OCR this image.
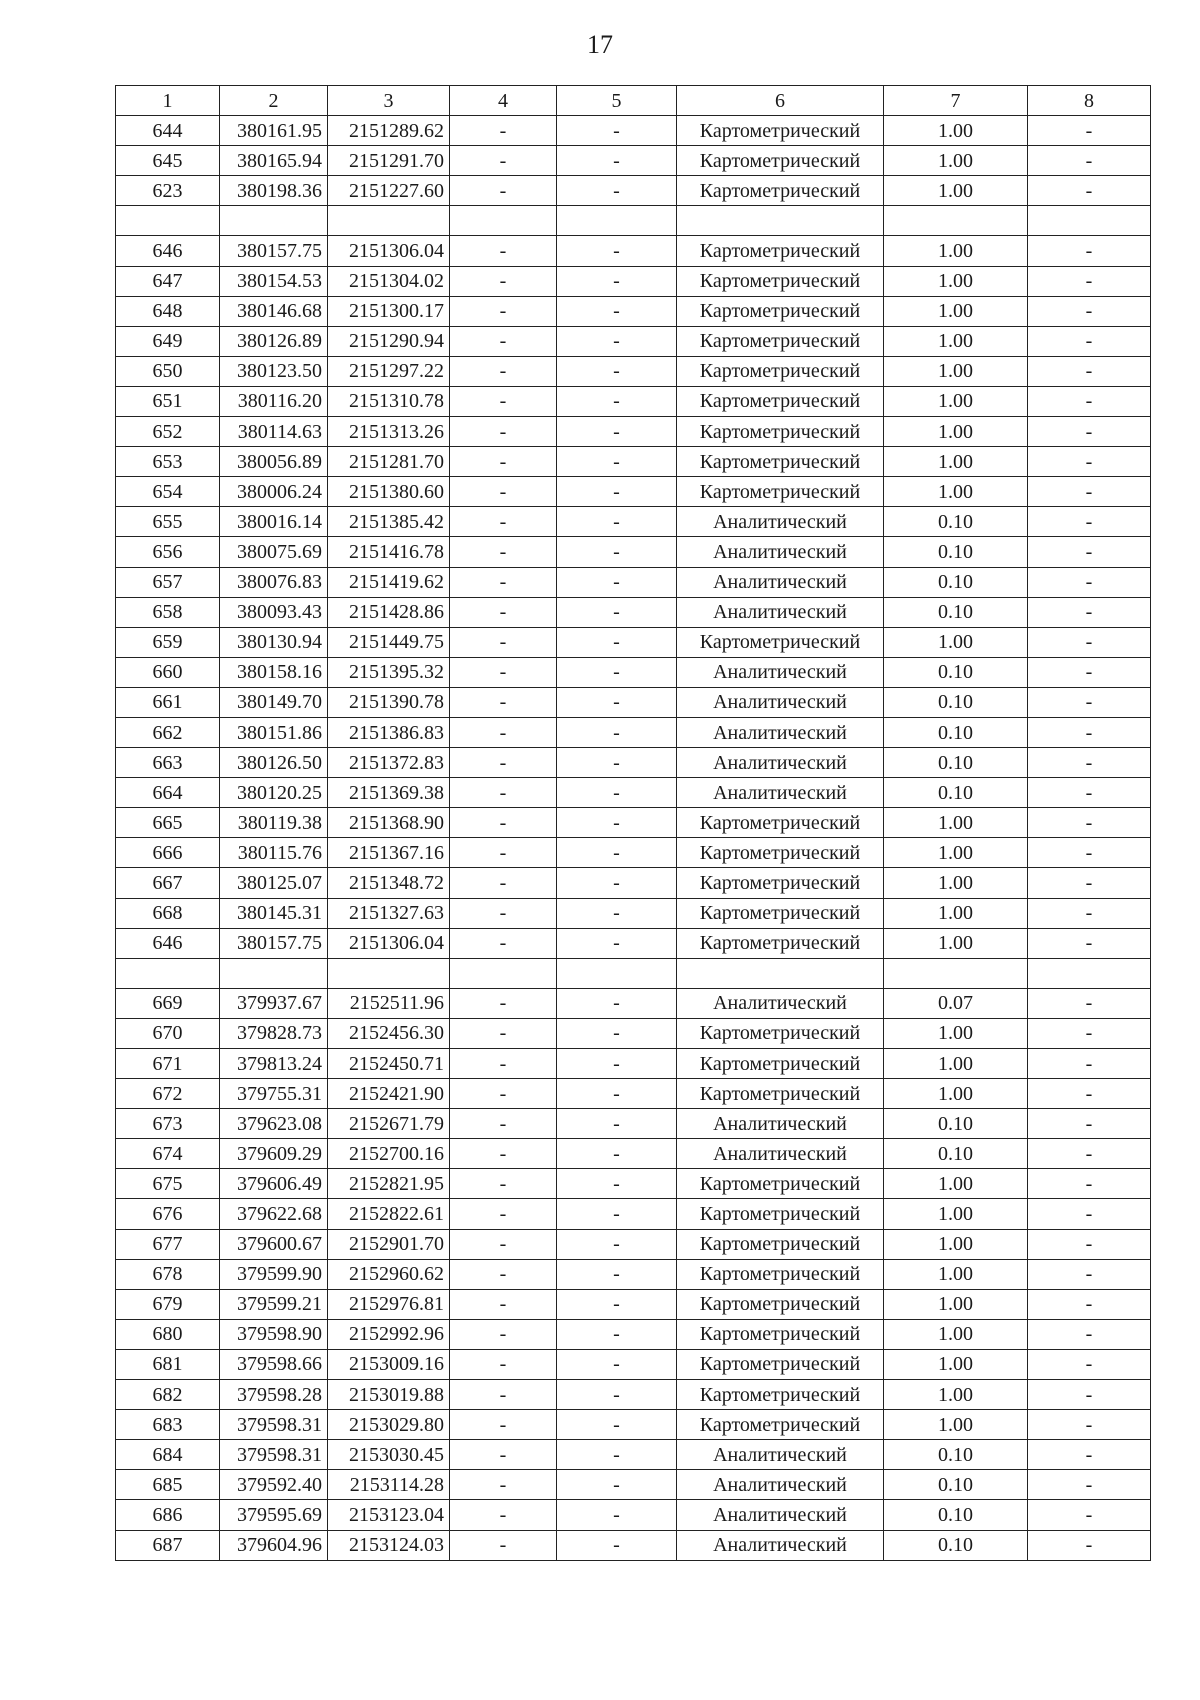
17
1	2	3	4	5	6	7	8
644	380161.95	2151289.62	-	-	Картометрический	1.00	-
645	380165.94	2151291.70	-	-	Картометрический	1.00	-
623	380198.36	2151227.60	-	-	Картометрический	1.00	-

646	380157.75	2151306.04	-	-	Картометрический	1.00	-
647	380154.53	2151304.02	-	-	Картометрический	1.00	-
648	380146.68	2151300.17	-	-	Картометрический	1.00	-
649	380126.89	2151290.94	-	-	Картометрический	1.00	-
650	380123.50	2151297.22	-	-	Картометрический	1.00	-
651	380116.20	2151310.78	-	-	Картометрический	1.00	-
652	380114.63	2151313.26	-	-	Картометрический	1.00	-
653	380056.89	2151281.70	-	-	Картометрический	1.00	-
654	380006.24	2151380.60	-	-	Картометрический	1.00	-
655	380016.14	2151385.42	-	-	Аналитический	0.10	-
656	380075.69	2151416.78	-	-	Аналитический	0.10	-
657	380076.83	2151419.62	-	-	Аналитический	0.10	-
658	380093.43	2151428.86	-	-	Аналитический	0.10	-
659	380130.94	2151449.75	-	-	Картометрический	1.00	-
660	380158.16	2151395.32	-	-	Аналитический	0.10	-
661	380149.70	2151390.78	-	-	Аналитический	0.10	-
662	380151.86	2151386.83	-	-	Аналитический	0.10	-
663	380126.50	2151372.83	-	-	Аналитический	0.10	-
664	380120.25	2151369.38	-	-	Аналитический	0.10	-
665	380119.38	2151368.90	-	-	Картометрический	1.00	-
666	380115.76	2151367.16	-	-	Картометрический	1.00	-
667	380125.07	2151348.72	-	-	Картометрический	1.00	-
668	380145.31	2151327.63	-	-	Картометрический	1.00	-
646	380157.75	2151306.04	-	-	Картометрический	1.00	-

669	379937.67	2152511.96	-	-	Аналитический	0.07	-
670	379828.73	2152456.30	-	-	Картометрический	1.00	-
671	379813.24	2152450.71	-	-	Картометрический	1.00	-
672	379755.31	2152421.90	-	-	Картометрический	1.00	-
673	379623.08	2152671.79	-	-	Аналитический	0.10	-
674	379609.29	2152700.16	-	-	Аналитический	0.10	-
675	379606.49	2152821.95	-	-	Картометрический	1.00	-
676	379622.68	2152822.61	-	-	Картометрический	1.00	-
677	379600.67	2152901.70	-	-	Картометрический	1.00	-
678	379599.90	2152960.62	-	-	Картометрический	1.00	-
679	379599.21	2152976.81	-	-	Картометрический	1.00	-
680	379598.90	2152992.96	-	-	Картометрический	1.00	-
681	379598.66	2153009.16	-	-	Картометрический	1.00	-
682	379598.28	2153019.88	-	-	Картометрический	1.00	-
683	379598.31	2153029.80	-	-	Картометрический	1.00	-
684	379598.31	2153030.45	-	-	Аналитический	0.10	-
685	379592.40	2153114.28	-	-	Аналитический	0.10	-
686	379595.69	2153123.04	-	-	Аналитический	0.10	-
687	379604.96	2153124.03	-	-	Аналитический	0.10	-
